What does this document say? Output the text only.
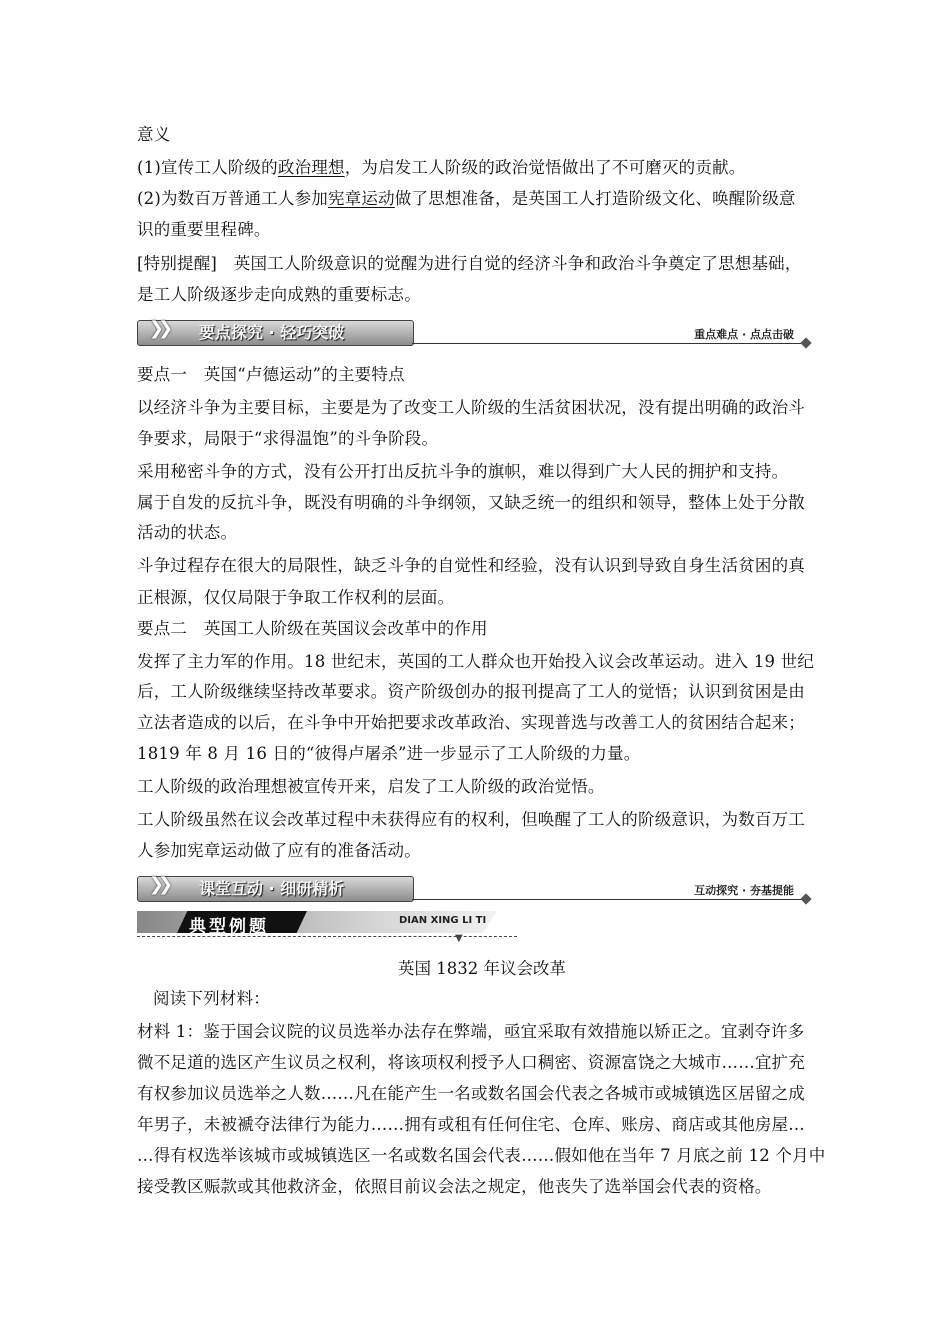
意义
(1)宣传工人阶级的政治理想，为启发工人阶级的政治觉悟做出了不可磨灭的贡献。
(2)为数百万普通工人参加宪章运动做了思想准备，是英国工人打造阶级文化、唤醒阶级意
识的重要里程碑。
[特别提醒]　英国工人阶级意识的觉醒为进行自觉的经济斗争和政治斗争奠定了思想基础，
是工人阶级逐步走向成熟的重要标志。
❯❯ 要点探究 · 轻巧突破	重点难点 · 点点击破
要点一　英国“卢德运动”的主要特点
以经济斗争为主要目标，主要是为了改变工人阶级的生活贫困状况，没有提出明确的政治斗
争要求，局限于“求得温饱”的斗争阶段。
采用秘密斗争的方式，没有公开打出反抗斗争的旗帜，难以得到广大人民的拥护和支持。
属于自发的反抗斗争，既没有明确的斗争纲领，又缺乏统一的组织和领导，整体上处于分散
活动的状态。
斗争过程存在很大的局限性，缺乏斗争的自觉性和经验，没有认识到导致自身生活贫困的真
正根源，仅仅局限于争取工作权利的层面。
要点二　英国工人阶级在英国议会改革中的作用
发挥了主力军的作用。18 世纪末，英国的工人群众也开始投入议会改革运动。进入 19 世纪
后，工人阶级继续坚持改革要求。资产阶级创办的报刊提高了工人的觉悟；认识到贫困是由
立法者造成的以后，在斗争中开始把要求改革政治、实现普选与改善工人的贫困结合起来；
1819 年 8 月 16 日的“彼得卢屠杀”进一步显示了工人阶级的力量。
工人阶级的政治理想被宣传开来，启发了工人阶级的政治觉悟。
工人阶级虽然在议会改革过程中未获得应有的权利，但唤醒了工人的阶级意识，为数百万工
人参加宪章运动做了应有的准备活动。
❯❯ 课堂互动 · 细研精析	互动探究 · 夯基提能
典型例题	DIAN XING LI TI
▼
英国 1832 年议会改革
阅读下列材料：
材料 1：鉴于国会议院的议员选举办法存在弊端，亟宜采取有效措施以矫正之。宜剥夺许多
微不足道的选区产生议员之权利，将该项权利授予人口稠密、资源富饶之大城市……宜扩充
有权参加议员选举之人数……凡在能产生一名或数名国会代表之各城市或城镇选区居留之成
年男子，未被褫夺法律行为能力……拥有或租有任何住宅、仓库、账房、商店或其他房屋…
…得有权选举该城市或城镇选区一名或数名国会代表……假如他在当年 7 月底之前 12 个月中
接受教区赈款或其他救济金，依照目前议会法之规定，他丧失了选举国会代表的资格。
